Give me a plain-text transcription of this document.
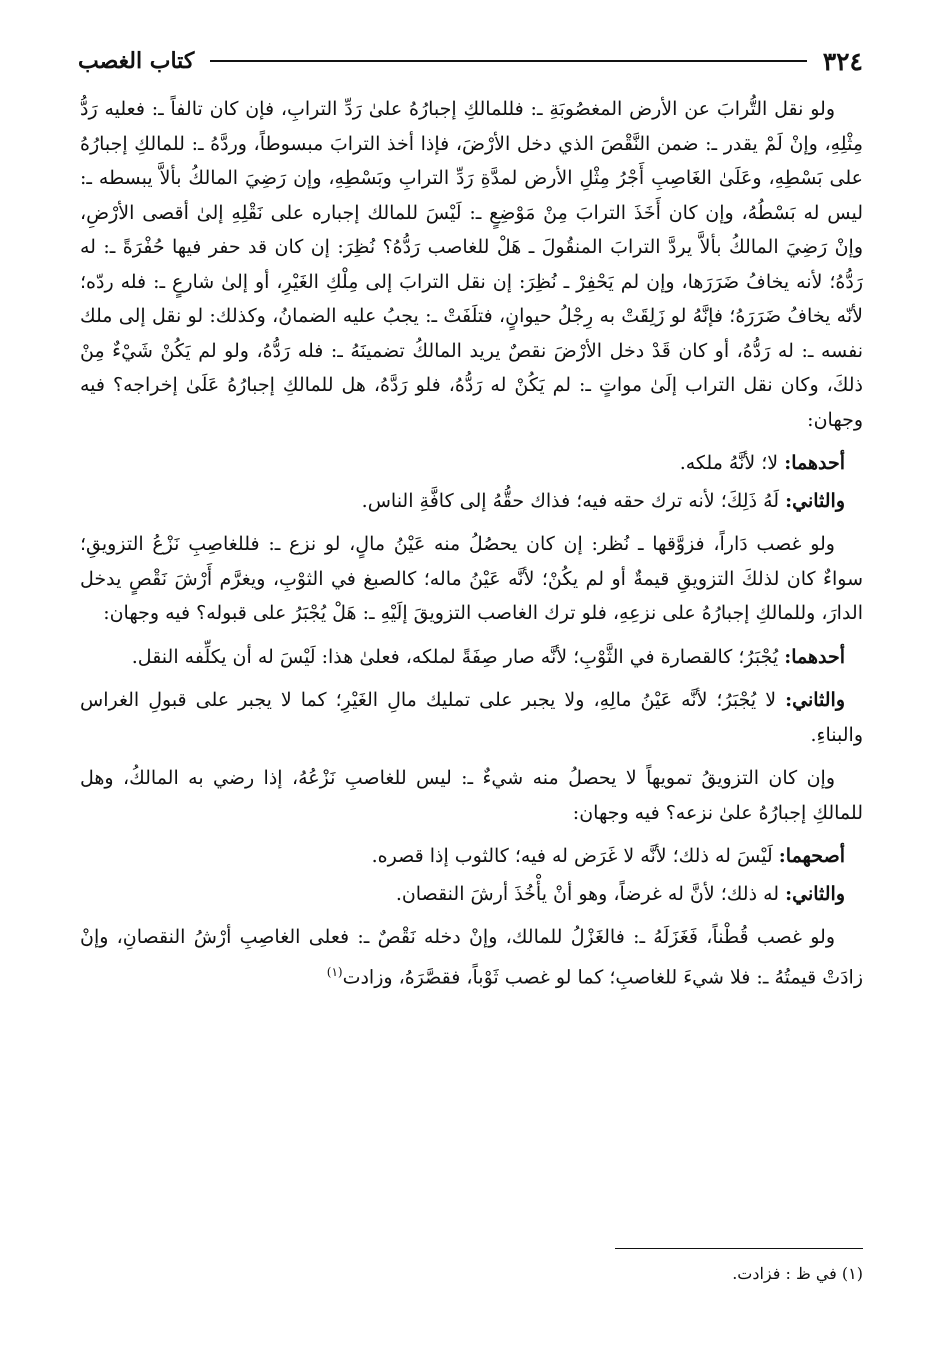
٣٢٤
كتاب الغصب

ولو نقل التُّرابَ عن الأرض المغصُوبَةِ ـ: فللمالكِ إجبارُهُ علىٰ رَدِّ الترابِ، فإن كان تالفاً ـ: فعليه رَدُّ مِثْلِهِ، وإنْ لَمْ يقدر ـ: ضمن النَّقْصَ الذي دخل الأرْضَ، فإذا أخذ الترابَ مبسوطاً، وردَّهُ ـ: للمالكِ إجبارُهُ على بَسْطِهِ، وعَلَىٰ الغَاصِبِ أَجْرُ مِثْلِ الأرض لمدَّةِ رَدِّ الترابِ وبَسْطِهِ، وإن رَضِيَ المالكُ بألاَّ يبسطه ـ: ليس له بَسْطُهُ، وإن كان أَخَذَ الترابَ مِنْ مَوْضِعٍ ـ: لَيْسَ للمالك إجباره على نَقْلِهِ إلىٰ أقصى الأرْضِ، وإنْ رَضِيَ المالكُ بألاَّ يردَّ الترابَ المنقُولَ ـ هَلْ للغاصب رَدُّهُ؟ نُظِرَ: إن كان قد حفر فيها حُفْرَةً ـ: له رَدُّهُ؛ لأنه يخافُ ضَرَرَها، وإن لم يَحْفِرْ ـ نُظِرَ: إن نقل الترابَ إلى مِلْكِ الغَيْرِ، أو إلىٰ شارعٍ ـ: فله ردّه؛ لأنّه يخافُ ضَرَرَهُ؛ فإنَّهُ لو زَلِقَتْ به رِجْلُ حيوانٍ، فتلَفَتْ ـ: يجبُ عليه الضمانُ، وكذلك: لو نقل إلى ملك نفسه ـ: له رَدُّهُ، أو كان قَدْ دخل الأرْضَ نقصٌ يريد المالكُ تضمينَهُ ـ: فله رَدُّهُ، ولو لم يَكُنْ شَيْءٌ مِنْ ذلكَ، وكان نقل التراب إلَىٰ مواتٍ ـ: لم يَكُنْ له رَدُّهُ، فلو رَدَّهُ، هل للمالكِ إجبارُهُ عَلَىٰ إخراجه؟ فيه وجهان:

أحدهما: لا؛ لأنَّهُ ملكه.

والثاني: لَهُ ذَلِكَ؛ لأنه ترك حقه فيه؛ فذاك حقُّهُ إلى كافَّةِ الناس.

ولو غصب دَاراً، فزوَّقها ـ نُظر: إن كان يحصُلُ منه عَيْنُ مالٍ، لو نزع ـ: فللغاصِبِ نَزْعُ التزويقِ؛ سواءٌ كان لذلكَ التزويقِ قيمةٌ أو لم يكُنْ؛ لأنَّه عَيْنُ ماله؛ كالصبغ في الثوْبِ، ويغرَّم أَرْشَ نَقْصٍ يدخل الدارَ، وللمالكِ إجبارُهُ على نزعِهِ، فلو ترك الغاصب التزويقَ إلَيْهِ ـ: هَلْ يُجْبَرُ على قبوله؟ فيه وجهان:

أحدهما: يُجْبَرُ؛ كالقصارة في الثَّوْبِ؛ لأنَّه صار صِفَةً لملكه، فعلىٰ هذا: لَيْسَ له أن يكلِّفه النقل.

والثاني: لا يُجْبَرُ؛ لأنَّه عَيْنُ مالِهِ، ولا يجبر على تمليك مالِ الغَيْرِ؛ كما لا يجبر على قبولِ الغراس والبناءِ.

وإن كان التزويقُ تمويهاً لا يحصلُ منه شيءٌ ـ: ليس للغاصبِ نَزْعُهُ، إذا رضي به المالكُ، وهل للمالكِ إجبارُهُ علىٰ نزعه؟ فيه وجهان:

أصحهما: لَيْسَ له ذلك؛ لأنَّه لا غَرَض له فيه؛ كالثوب إذا قصره.

والثاني: له ذلك؛ لأنَّ له غرضاً، وهو أنْ يأْخُذَ أرشَ النقصان.

ولو غصب قُطْناً، فَغَزَلَهُ ـ: فالغَزْلُ للمالك، وإنْ دخله نَقْصٌ ـ: فعلى الغاصِبِ أرْشُ النقصانِ، وإنْ زادَتْ قيمتُهُ ـ: فلا شيءَ للغاصبِ؛ كما لو غصب ثَوْباً، فقصَّرَهُ، وزادت$^{(١)}$

(١) في ظ : فزادت.
